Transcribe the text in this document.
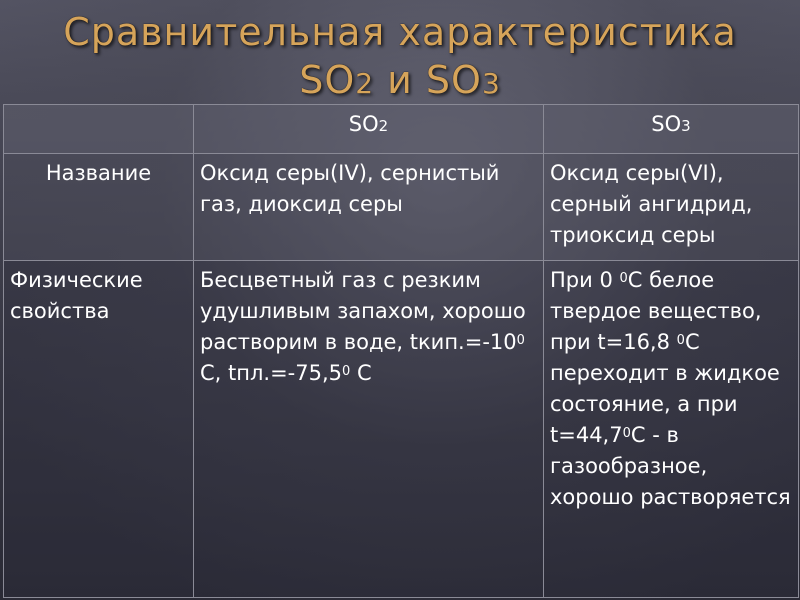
Сравнительная характеристика
SO2 и SO3
	SO2	SO3
Название	Оксид серы(IV), сернистый газ, диоксид серы	Оксид серы(VI), серный ангидрид, триоксид серы
Физические свойства	Бесцветный газ с резким удушливым запахом, хорошо растворим в воде, $tкип.=-10^0$ С, $tпл.=-75,5^0$ С	При 0 $^0$С белое твердое вещество, при t=16,8 $^0$С переходит в жидкое состояние, а при $t=44,7^0С - в$ газообразное, хорошо растворяется
